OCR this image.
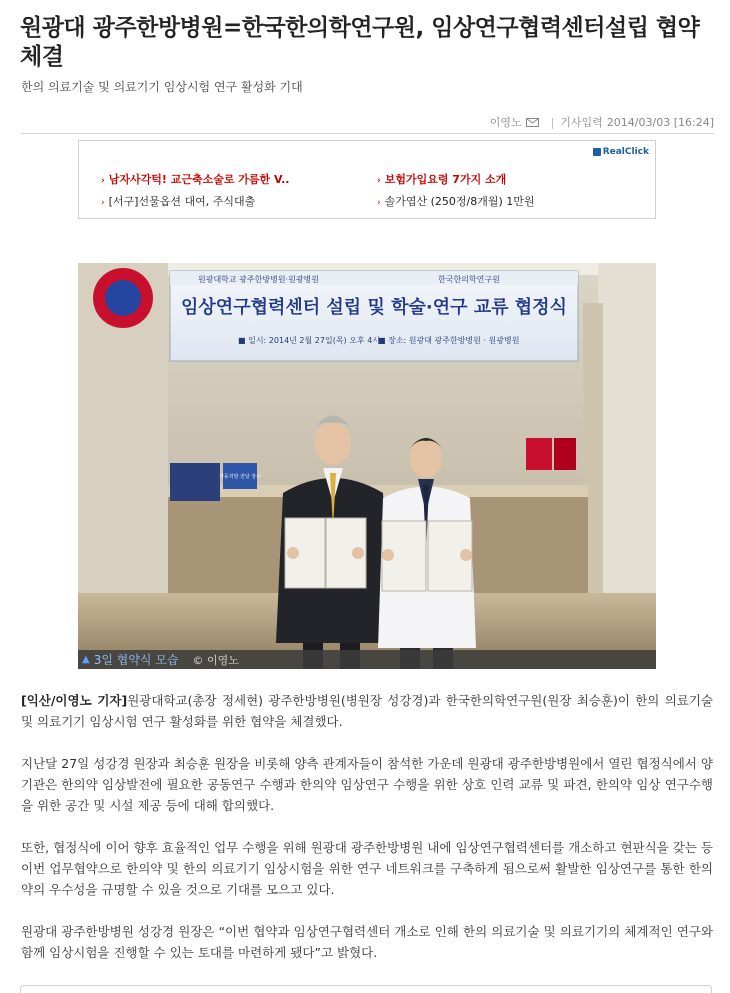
원광대 광주한방병원=한국한의학연구원, 임상연구협력센터설립 협약체결
한의 의료기술 및 의료기기 임상시험 연구 활성화 기대
이영노	| 기사입력 2014/03/03 [16:24]
RealClick
› 남자사각턱! 교근축소술로 가름한 V..	› 보험가입요령 7가지 소개
› [서구]선물옵션 대여, 주식대출	› 솔가엽산 (250정/8개월) 1만원
원광대학교 광주한방병원·원광병원	한국한의학연구원
임상연구협력센터 설립 및 학술·연구 교류 협정식
■ 일시: 2014년 2월 27일(목) 오후 4시
■ 장소: 원광대 광주한방병원 · 원광병원
자동처방 전달 창구
▲ 3일 협약식 모습 © 이영노

[익산/이영노 기자]원광대학교(총장 정세현) 광주한방병원(병원장 성강경)과 한국한의학연구원(원장 최승훈)이 한의 의료기술 및 의료기기 임상시험 연구 활성화를 위한 협약을 체결했다.

지난달 27일 성강경 원장과 최승훈 원장을 비롯해 양측 관계자들이 참석한 가운데 원광대 광주한방병원에서 열린 협정식에서 양 기관은 한의약 임상발전에 필요한 공동연구 수행과 한의약 임상연구 수행을 위한 상호 인력 교류 및 파견, 한의약 임상 연구수행을 위한 공간 및 시설 제공 등에 대해 합의했다.

또한, 협정식에 이어 향후 효율적인 업무 수행을 위해 원광대 광주한방병원 내에 임상연구협력센터를 개소하고 현판식을 갖는 등 이번 업무협약으로 한의약 및 한의 의료기기 임상시험을 위한 연구 네트워크를 구축하게 됨으로써 활발한 임상연구를 통한 한의약의 우수성을 규명할 수 있을 것으로 기대를 모으고 있다.

원광대 광주한방병원 성강경 원장은 “이번 협약과 임상연구협력센터 개소로 인해 한의 의료기술 및 의료기기의 체계적인 연구와 함께 임상시험을 진행할 수 있는 토대를 마련하게 됐다”고 밝혔다.
